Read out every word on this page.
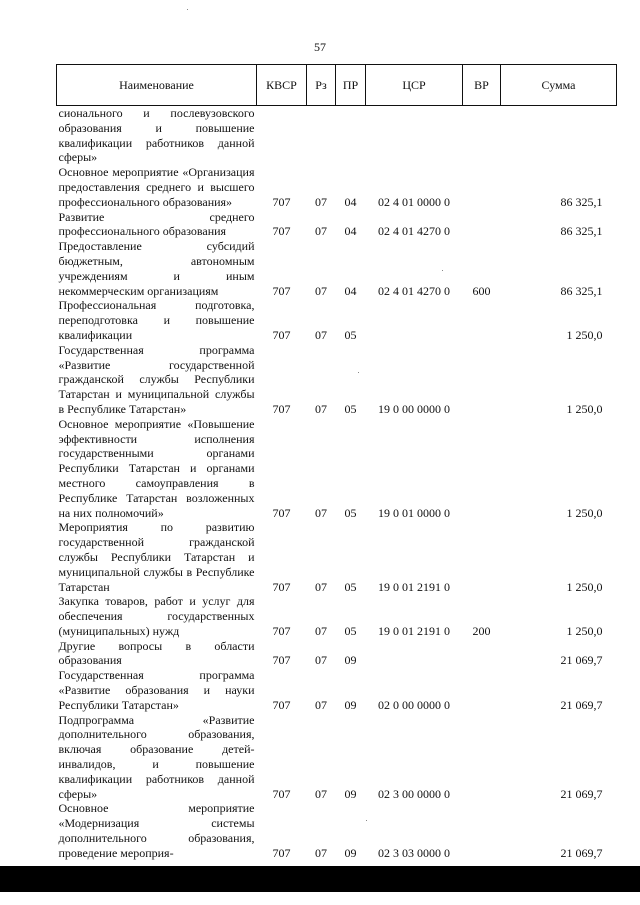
57
Наименование	КВСР	Рз	ПР	ЦСР	ВР	Сумма
сионального и послевузовского образования и повышение квалификации работников данной сферы»						
Основное мероприятие «Организация предоставления среднего и высшего профессионального образования»	707	07	04	02 4 01 0000 0		86 325,1
Развитие среднего профессионального образования	707	07	04	02 4 01 4270 0		86 325,1
Предоставление субсидий бюджетным, автономным учреждениям и иным некоммерческим организациям	707	07	04	02 4 01 4270 0	600	86 325,1
Профессиональная подготовка, переподготовка и повышение квалификации	707	07	05			1 250,0
Государственная программа «Развитие государственной гражданской службы Республики Татарстан и муниципальной службы в Республике Татарстан»	707	07	05	19 0 00 0000 0		1 250,0
Основное мероприятие «Повышение эффективности исполнения государственными органами Республики Татарстан и органами местного самоуправления в Республике Татарстан возложенных на них полномочий»	707	07	05	19 0 01 0000 0		1 250,0
Мероприятия по развитию государственной гражданской службы Республики Татарстан и муниципальной службы в Республике Татарстан	707	07	05	19 0 01 2191 0		1 250,0
Закупка товаров, работ и услуг для обеспечения государственных (муниципальных) нужд	707	07	05	19 0 01 2191 0	200	1 250,0
Другие вопросы в области образования	707	07	09			21 069,7
Государственная программа «Развитие образования и науки Республики Татарстан»	707	07	09	02 0 00 0000 0		21 069,7
Подпрограмма «Развитие дополнительного образования, включая образование детей-инвалидов, и повышение квалификации работников данной сферы»	707	07	09	02 3 00 0000 0		21 069,7
Основное мероприятие «Модернизация системы дополнительного образования, проведение мероприя-	707	07	09	02 3 03 0000 0		21 069,7
